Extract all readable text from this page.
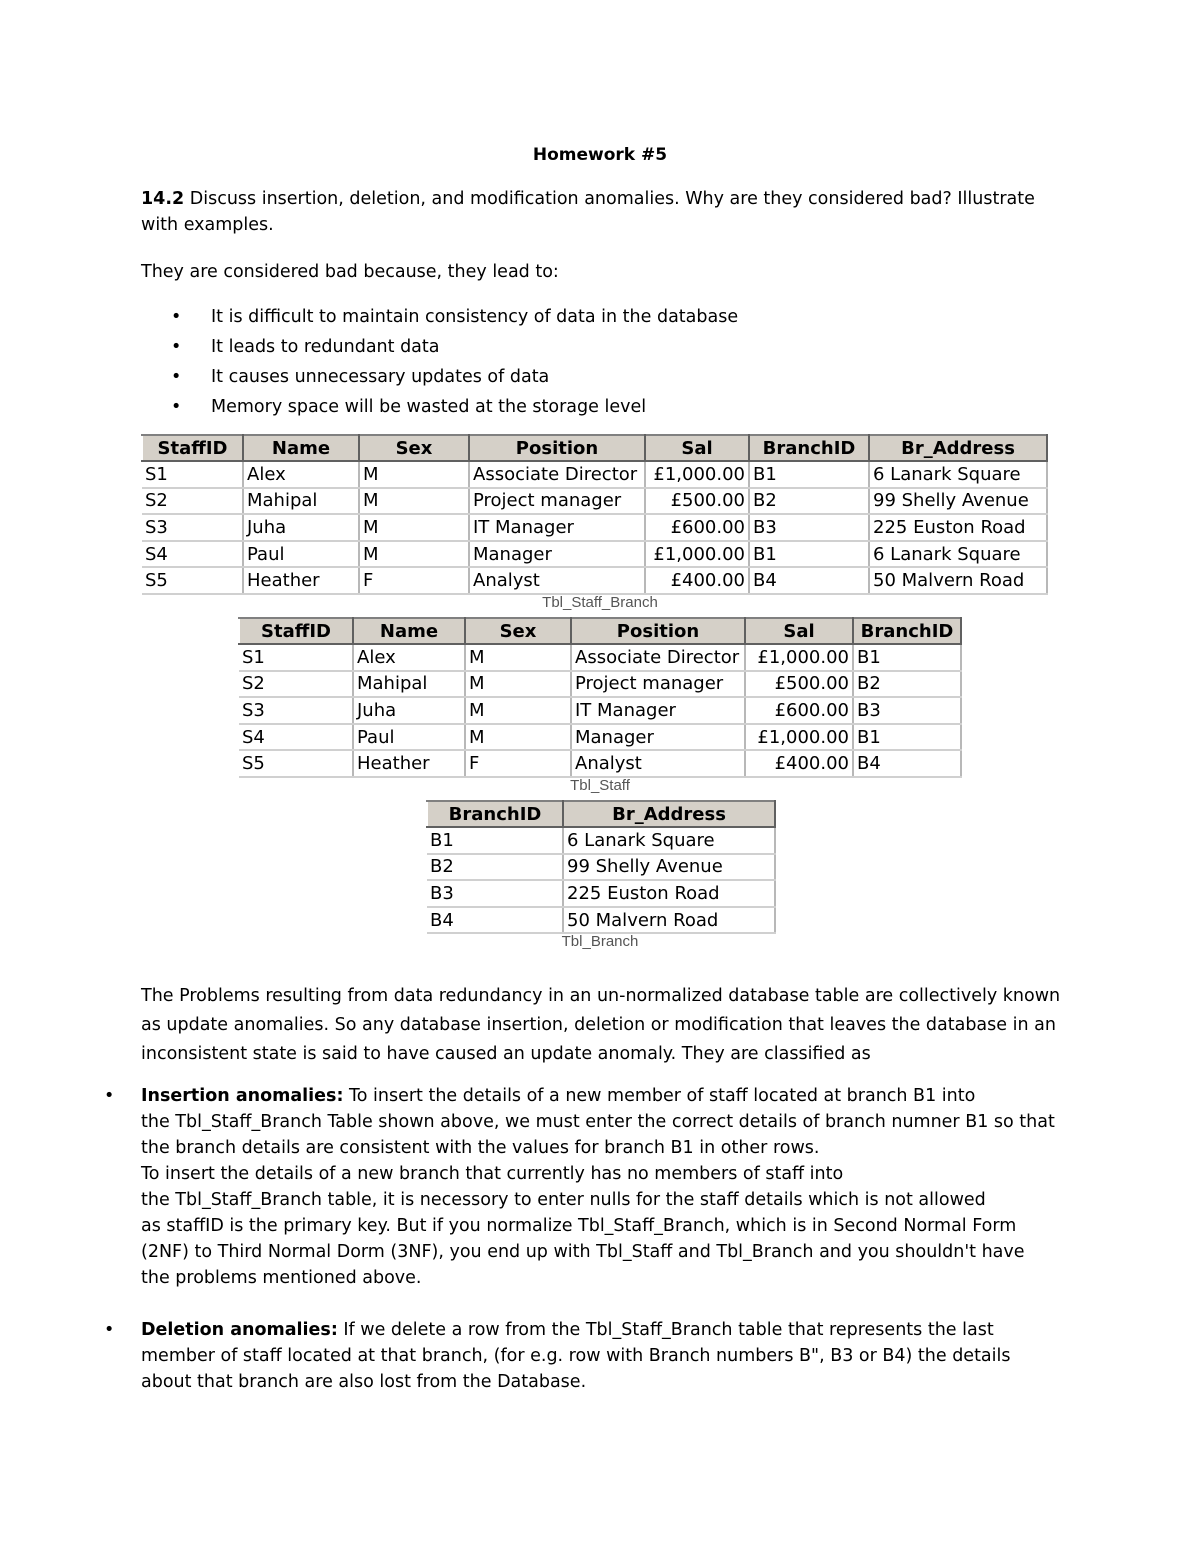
Homework #5
14.2 Discuss insertion, deletion, and modification anomalies. Why are they considered bad? Illustrate
with examples.
They are considered bad because, they lead to:
• It is difficult to maintain consistency of data in the database
• It leads to redundant data
• It causes unnecessary updates of data
• Memory space will be wasted at the storage level
StaffID	Name	Sex	Position	Sal	BranchID	Br_Address
S1	Alex	M	Associate Director	£1,000.00	B1	6 Lanark Square
S2	Mahipal	M	Project manager	£500.00	B2	99 Shelly Avenue
S3	Juha	M	IT Manager	£600.00	B3	225 Euston Road
S4	Paul	M	Manager	£1,000.00	B1	6 Lanark Square
S5	Heather	F	Analyst	£400.00	B4	50 Malvern Road
Tbl_Staff_Branch
StaffID	Name	Sex	Position	Sal	BranchID
S1	Alex	M	Associate Director	£1,000.00	B1
S2	Mahipal	M	Project manager	£500.00	B2
S3	Juha	M	IT Manager	£600.00	B3
S4	Paul	M	Manager	£1,000.00	B1
S5	Heather	F	Analyst	£400.00	B4
Tbl_Staff
BranchID	Br_Address
B1	6 Lanark Square
B2	99 Shelly Avenue
B3	225 Euston Road
B4	50 Malvern Road
Tbl_Branch
The Problems resulting from data redundancy in an un-normalized database table are collectively known
as update anomalies. So any database insertion, deletion or modification that leaves the database in an
inconsistent state is said to have caused an update anomaly. They are classified as
• Insertion anomalies: To insert the details of a new member of staff located at branch B1 into
the Tbl_Staff_Branch Table shown above, we must enter the correct details of branch numner B1 so that
the branch details are consistent with the values for branch B1 in other rows.
To insert the details of a new branch that currently has no members of staff into
the Tbl_Staff_Branch table, it is necessory to enter nulls for the staff details which is not allowed
as staffID is the primary key. But if you normalize Tbl_Staff_Branch, which is in Second Normal Form
(2NF) to Third Normal Dorm (3NF), you end up with Tbl_Staff and Tbl_Branch and you shouldn't have
the problems mentioned above.
• Deletion anomalies: If we delete a row from the Tbl_Staff_Branch table that represents the last
member of staff located at that branch, (for e.g. row with Branch numbers B", B3 or B4) the details
about that branch are also lost from the Database.
